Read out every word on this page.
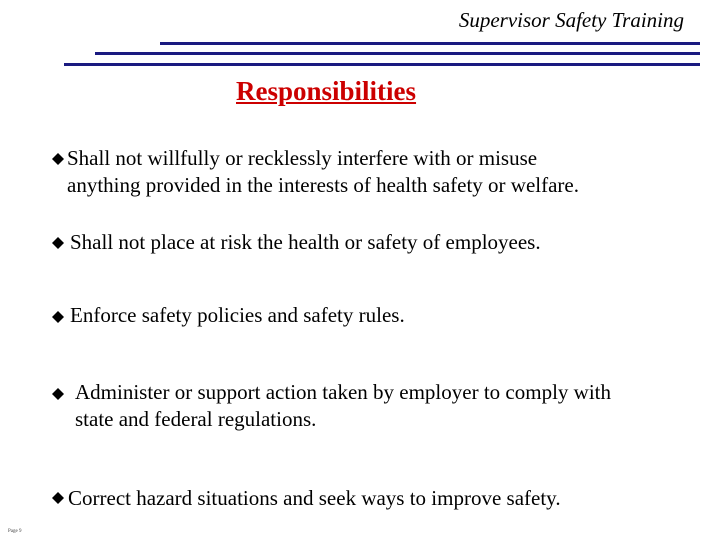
Supervisor Safety Training
Responsibilities
Shall not willfully or recklessly interfere with or misuse
anything provided in the interests of health safety or welfare.
Shall not place at risk the health or safety of employees.
Enforce safety policies and safety rules.
Administer or support action taken by employer to comply with
state and federal regulations.
Correct hazard situations and seek ways to improve safety.
Page 9
